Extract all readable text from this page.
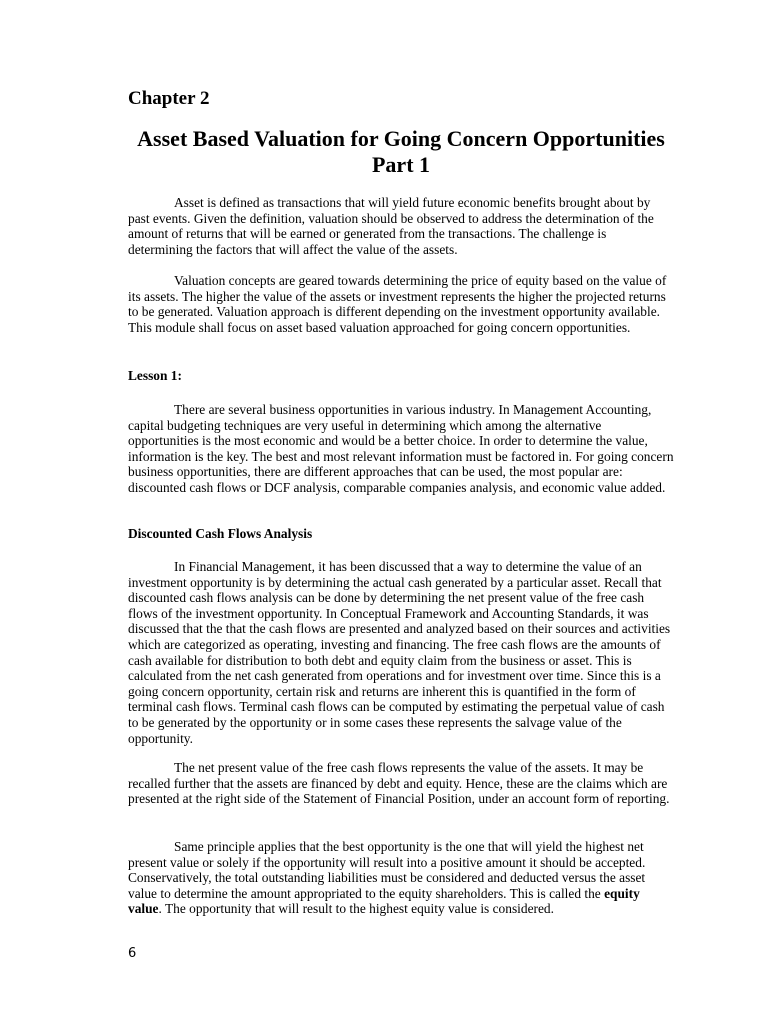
Chapter 2
Asset Based Valuation for Going Concern Opportunities Part 1

Asset is defined as transactions that will yield future economic benefits brought about by past events. Given the definition, valuation should be observed to address the determination of the amount of returns that will be earned or generated from the transactions. The challenge is determining the factors that will affect the value of the assets.

Valuation concepts are geared towards determining the price of equity based on the value of its assets. The higher the value of the assets or investment represents the higher the projected returns to be generated. Valuation approach is different depending on the investment opportunity available. This module shall focus on asset based valuation approached for going concern opportunities.

Lesson 1:

There are several business opportunities in various industry. In Management Accounting, capital budgeting techniques are very useful in determining which among the alternative opportunities is the most economic and would be a better choice. In order to determine the value, information is the key. The best and most relevant information must be factored in. For going concern business opportunities, there are different approaches that can be used, the most popular are: discounted cash flows or DCF analysis, comparable companies analysis, and economic value added.

Discounted Cash Flows Analysis

In Financial Management, it has been discussed that a way to determine the value of an investment opportunity is by determining the actual cash generated by a particular asset. Recall that discounted cash flows analysis can be done by determining the net present value of the free cash flows of the investment opportunity. In Conceptual Framework and Accounting Standards, it was discussed that the that the cash flows are presented and analyzed based on their sources and activities which are categorized as operating, investing and financing. The free cash flows are the amounts of cash available for distribution to both debt and equity claim from the business or asset. This is calculated from the net cash generated from operations and for investment over time. Since this is a going concern opportunity, certain risk and returns are inherent this is quantified in the form of terminal cash flows. Terminal cash flows can be computed by estimating the perpetual value of cash to be generated by the opportunity or in some cases these represents the salvage value of the opportunity.

The net present value of the free cash flows represents the value of the assets. It may be recalled further that the assets are financed by debt and equity. Hence, these are the claims which are presented at the right side of the Statement of Financial Position, under an account form of reporting.

Same principle applies that the best opportunity is the one that will yield the highest net present value or solely if the opportunity will result into a positive amount it should be accepted. Conservatively, the total outstanding liabilities must be considered and deducted versus the asset value to determine the amount appropriated to the equity shareholders. This is called the equity value. The opportunity that will result to the highest equity value is considered.

6
